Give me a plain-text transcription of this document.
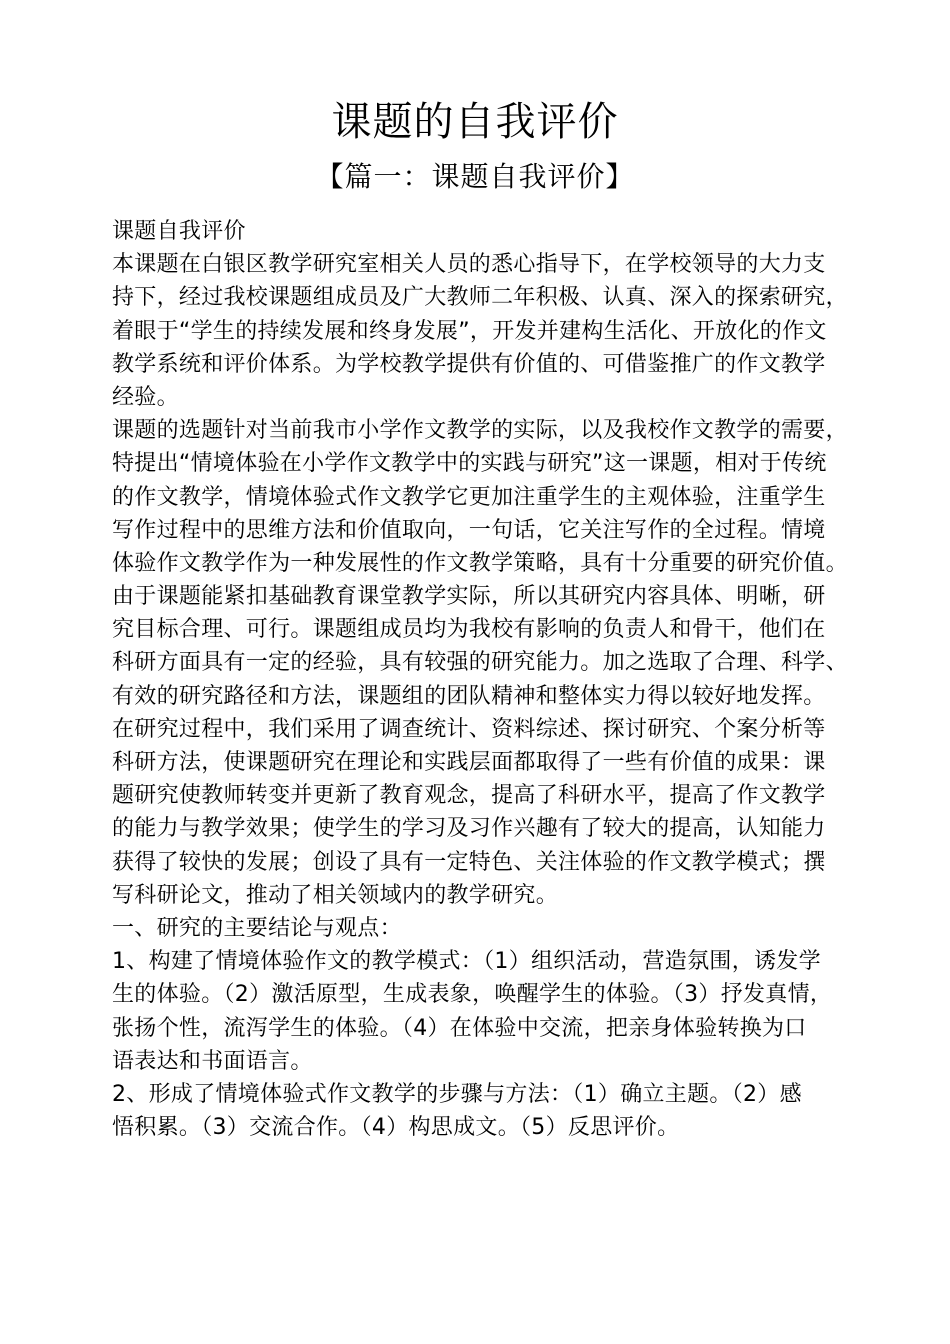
课题的自我评价
【篇一：课题自我评价】
课题自我评价
本课题在白银区教学研究室相关人员的悉心指导下，在学校领导的大力支
持下，经过我校课题组成员及广大教师二年积极、认真、深入的探索研究，
着眼于“学生的持续发展和终身发展”，开发并建构生活化、开放化的作文
教学系统和评价体系。为学校教学提供有价值的、可借鉴推广的作文教学
经验。
课题的选题针对当前我市小学作文教学的实际，以及我校作文教学的需要，
特提出“情境体验在小学作文教学中的实践与研究”这一课题，相对于传统
的作文教学，情境体验式作文教学它更加注重学生的主观体验，注重学生
写作过程中的思维方法和价值取向，一句话，它关注写作的全过程。情境
体验作文教学作为一种发展性的作文教学策略，具有十分重要的研究价值。
由于课题能紧扣基础教育课堂教学实际，所以其研究内容具体、明晰，研
究目标合理、可行。课题组成员均为我校有影响的负责人和骨干，他们在
科研方面具有一定的经验，具有较强的研究能力。加之选取了合理、科学、
有效的研究路径和方法，课题组的团队精神和整体实力得以较好地发挥。
在研究过程中，我们采用了调查统计、资料综述、探讨研究、个案分析等
科研方法，使课题研究在理论和实践层面都取得了一些有价值的成果：课
题研究使教师转变并更新了教育观念，提高了科研水平，提高了作文教学
的能力与教学效果；使学生的学习及习作兴趣有了较大的提高，认知能力
获得了较快的发展；创设了具有一定特色、关注体验的作文教学模式；撰
写科研论文，推动了相关领域内的教学研究。
一、研究的主要结论与观点：
1、构建了情境体验作文的教学模式：（1）组织活动，营造氛围，诱发学
生的体验。（2）激活原型，生成表象，唤醒学生的体验。（3）抒发真情，
张扬个性，流泻学生的体验。（4）在体验中交流，把亲身体验转换为口
语表达和书面语言。
2、形成了情境体验式作文教学的步骤与方法：（1）确立主题。（2）感
悟积累。（3）交流合作。（4）构思成文。（5）反思评价。
